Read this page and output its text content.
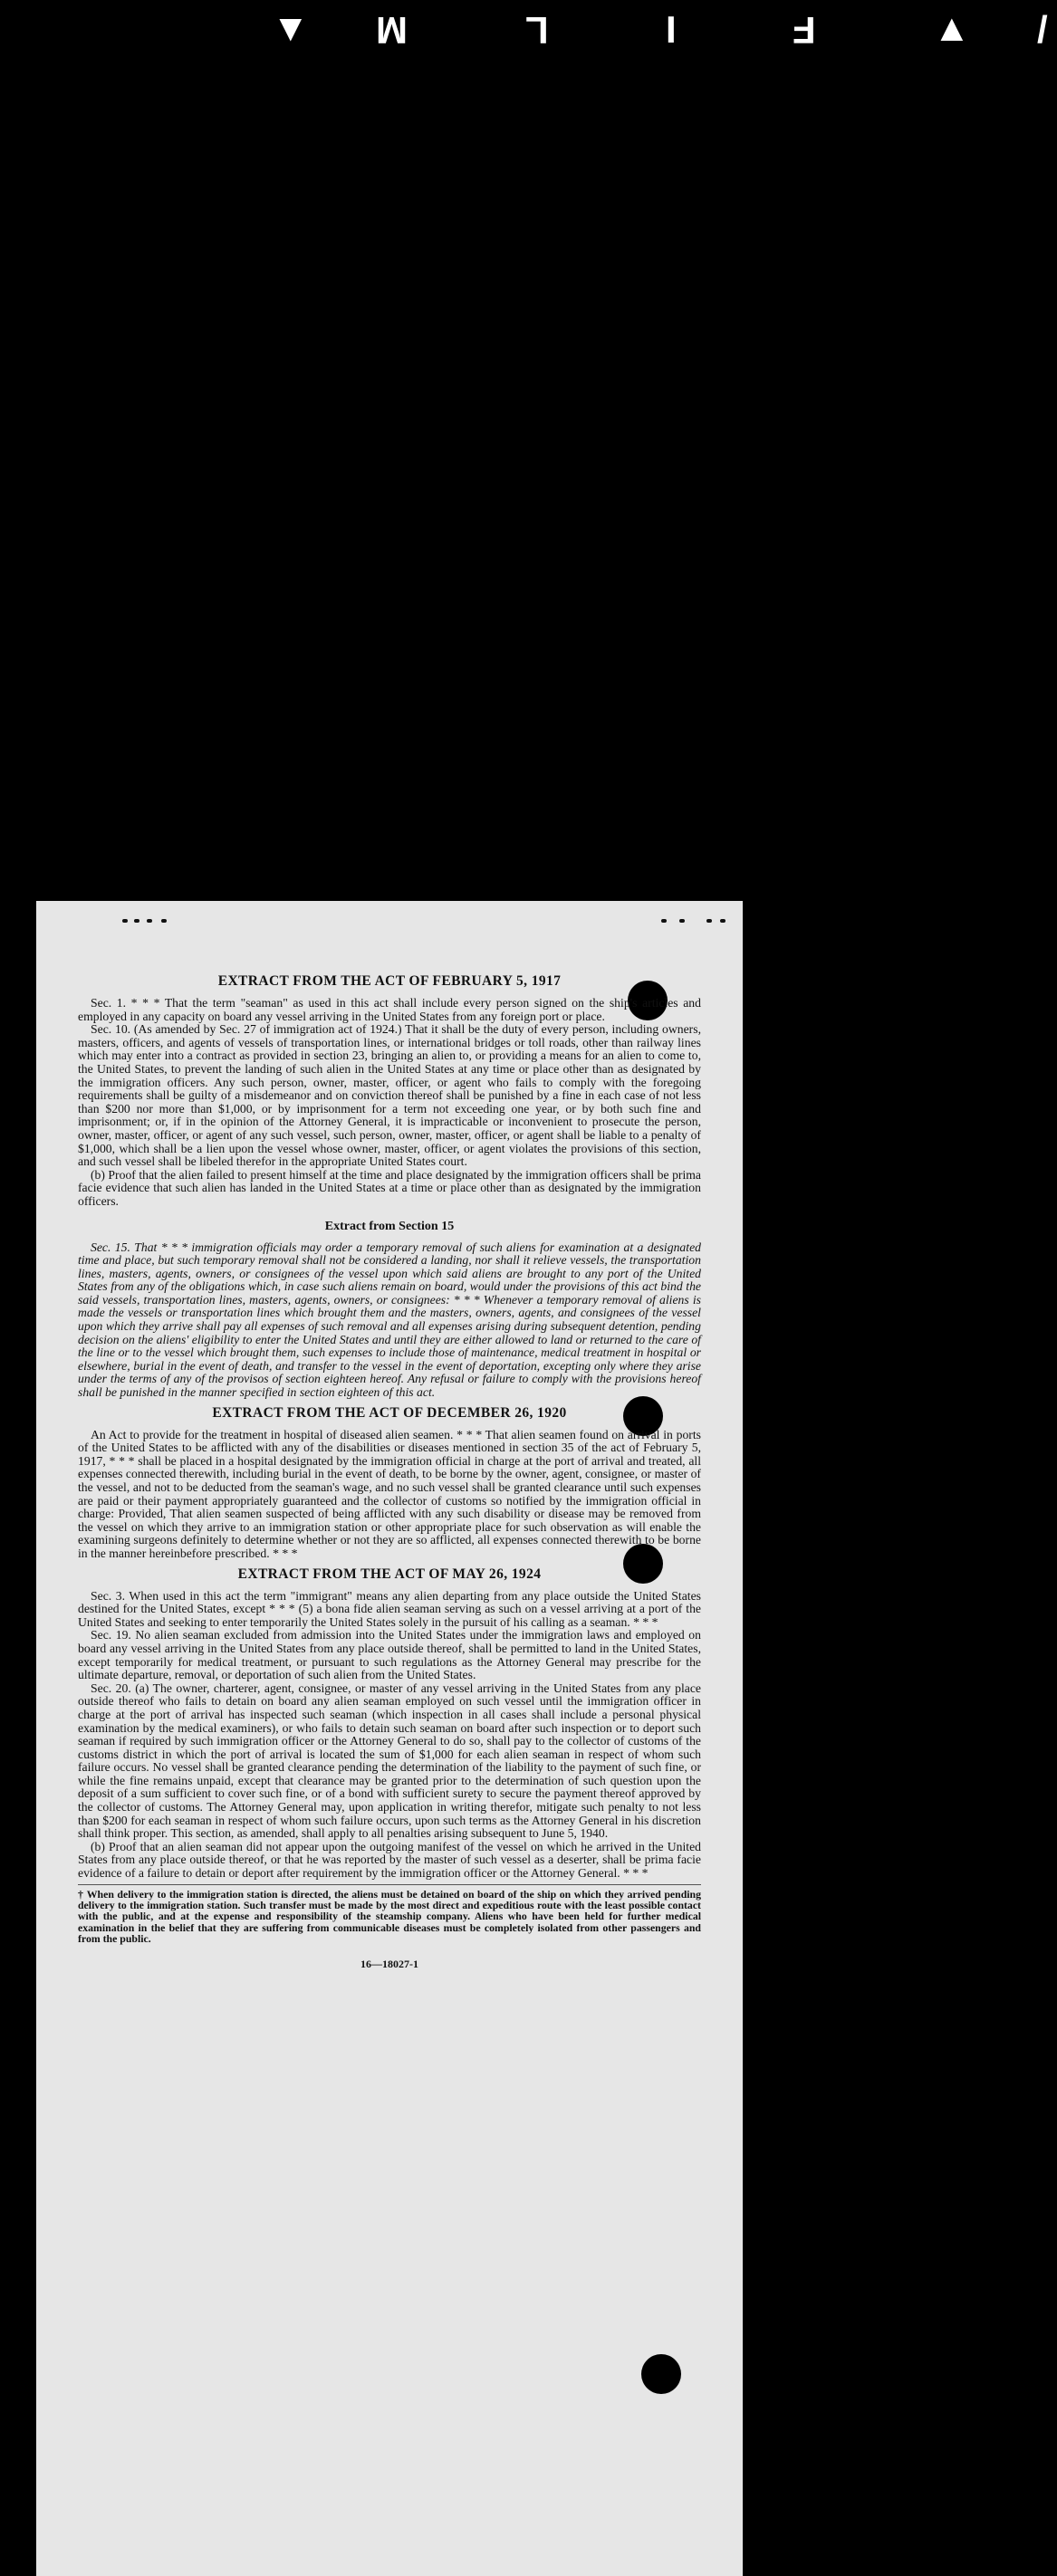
▼ M	L	I	F	▼ /
EXTRACT FROM THE ACT OF FEBRUARY 5, 1917

Sec. 1. * * * That the term "seaman" as used in this act shall include every person signed on the ship's articles and employed in any capacity on board any vessel arriving in the United States from any foreign port or place.

Sec. 10. (As amended by Sec. 27 of immigration act of 1924.) That it shall be the duty of every person, including owners, masters, officers, and agents of vessels of transportation lines, or international bridges or toll roads, other than railway lines which may enter into a contract as provided in section 23, bringing an alien to, or providing a means for an alien to come to, the United States, to prevent the landing of such alien in the United States at any time or place other than as designated by the immigration officers. Any such person, owner, master, officer, or agent who fails to comply with the foregoing requirements shall be guilty of a misdemeanor and on conviction thereof shall be punished by a fine in each case of not less than $200 nor more than $1,000, or by imprisonment for a term not exceeding one year, or by both such fine and imprisonment; or, if in the opinion of the Attorney General, it is impracticable or inconvenient to prosecute the person, owner, master, officer, or agent of any such vessel, such person, owner, master, officer, or agent shall be liable to a penalty of $1,000, which shall be a lien upon the vessel whose owner, master, officer, or agent violates the provisions of this section, and such vessel shall be libeled therefor in the appropriate United States court.

(b) Proof that the alien failed to present himself at the time and place designated by the immigration officers shall be prima facie evidence that such alien has landed in the United States at a time or place other than as designated by the immigration officers.

Extract from Section 15

Sec. 15. That * * * immigration officials may order a temporary removal of such aliens for examination at a designated time and place, but such temporary removal shall not be considered a landing, nor shall it relieve vessels, the transportation lines, masters, agents, owners, or consignees of the vessel upon which said aliens are brought to any port of the United States from any of the obligations which, in case such aliens remain on board, would under the provisions of this act bind the said vessels, transportation lines, masters, agents, owners, or consignees: * * * Whenever a temporary removal of aliens is made the vessels or transportation lines which brought them and the masters, owners, agents, and consignees of the vessel upon which they arrive shall pay all expenses of such removal and all expenses arising during subsequent detention, pending decision on the aliens' eligibility to enter the United States and until they are either allowed to land or returned to the care of the line or to the vessel which brought them, such expenses to include those of maintenance, medical treatment in hospital or elsewhere, burial in the event of death, and transfer to the vessel in the event of deportation, excepting only where they arise under the terms of any of the provisos of section eighteen hereof. Any refusal or failure to comply with the provisions hereof shall be punished in the manner specified in section eighteen of this act.

EXTRACT FROM THE ACT OF DECEMBER 26, 1920

An Act to provide for the treatment in hospital of diseased alien seamen. * * * That alien seamen found on arrival in ports of the United States to be afflicted with any of the disabilities or diseases mentioned in section 35 of the act of February 5, 1917, * * * shall be placed in a hospital designated by the immigration official in charge at the port of arrival and treated, all expenses connected therewith, including burial in the event of death, to be borne by the owner, agent, consignee, or master of the vessel, and not to be deducted from the seaman's wage, and no such vessel shall be granted clearance until such expenses are paid or their payment appropriately guaranteed and the collector of customs so notified by the immigration official in charge: Provided, That alien seamen suspected of being afflicted with any such disability or disease may be removed from the vessel on which they arrive to an immigration station or other appropriate place for such observation as will enable the examining surgeons definitely to determine whether or not they are so afflicted, all expenses connected therewith to be borne in the manner hereinbefore prescribed. * * *

EXTRACT FROM THE ACT OF MAY 26, 1924

Sec. 3. When used in this act the term "immigrant" means any alien departing from any place outside the United States destined for the United States, except * * * (5) a bona fide alien seaman serving as such on a vessel arriving at a port of the United States and seeking to enter temporarily the United States solely in the pursuit of his calling as a seaman. * * *

Sec. 19. No alien seaman excluded from admission into the United States under the immigration laws and employed on board any vessel arriving in the United States from any place outside thereof, shall be permitted to land in the United States, except temporarily for medical treatment, or pursuant to such regulations as the Attorney General may prescribe for the ultimate departure, removal, or deportation of such alien from the United States.

Sec. 20. (a) The owner, charterer, agent, consignee, or master of any vessel arriving in the United States from any place outside thereof who fails to detain on board any alien seaman employed on such vessel until the immigration officer in charge at the port of arrival has inspected such seaman (which inspection in all cases shall include a personal physical examination by the medical examiners), or who fails to detain such seaman on board after such inspection or to deport such seaman if required by such immigration officer or the Attorney General to do so, shall pay to the collector of customs of the customs district in which the port of arrival is located the sum of $1,000 for each alien seaman in respect of whom such failure occurs. No vessel shall be granted clearance pending the determination of the liability to the payment of such fine, or while the fine remains unpaid, except that clearance may be granted prior to the determination of such question upon the deposit of a sum sufficient to cover such fine, or of a bond with sufficient surety to secure the payment thereof approved by the collector of customs. The Attorney General may, upon application in writing therefor, mitigate such penalty to not less than $200 for each seaman in respect of whom such failure occurs, upon such terms as the Attorney General in his discretion shall think proper. This section, as amended, shall apply to all penalties arising subsequent to June 5, 1940.

(b) Proof that an alien seaman did not appear upon the outgoing manifest of the vessel on which he arrived in the United States from any place outside thereof, or that he was reported by the master of such vessel as a deserter, shall be prima facie evidence of a failure to detain or deport after requirement by the immigration officer or the Attorney General. * * *

† When delivery to the immigration station is directed, the aliens must be detained on board of the ship on which they arrived pending delivery to the immigration station. Such transfer must be made by the most direct and expeditious route with the least possible contact with the public, and at the expense and responsibility of the steamship company. Aliens who have been held for further medical examination in the belief that they are suffering from communicable diseases must be completely isolated from other passengers and from the public.
16—18027-1
